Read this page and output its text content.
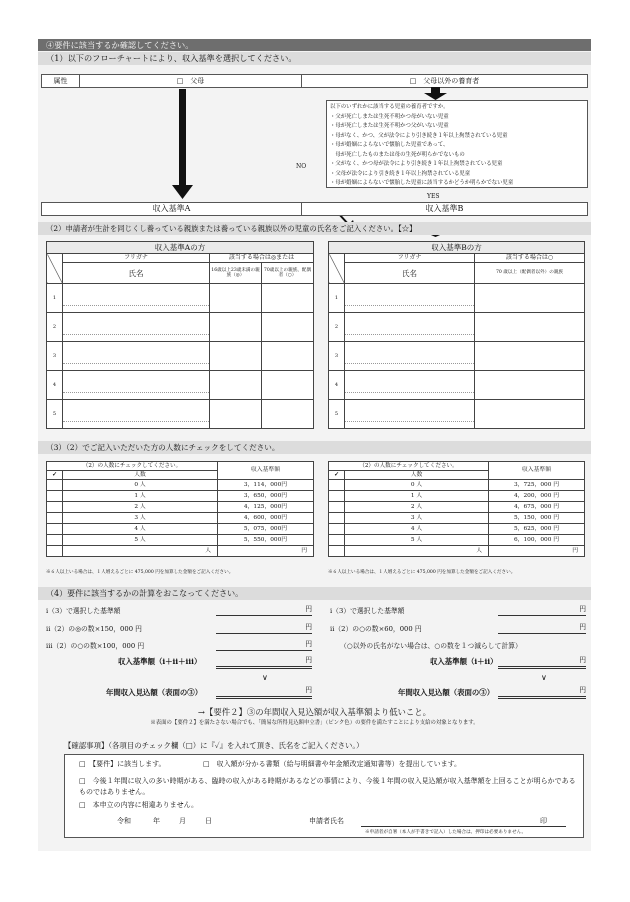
④要件に該当するか確認してください。
（1）以下のフローチャートにより、収入基準を選択してください。
属性	□　父母	□　父母以外の養育者
以下のいずれかに該当する児童の養育者ですか。
・父が死亡しまたは生死不明かつ母がいない児童
・母が死亡しまたは生死不明かつ父がいない児童
・母がなく、かつ、父が法令により引き続き１年以上拘禁されている児童
・母が婚姻によらないで懐胎した児童であって、
　母が死亡したものまたは母の生死が明らかでないもの
・父がなく、かつ母が法令により引き続き１年以上拘禁されている児童
・父母が法令により引き続き１年以上拘禁されている児童
・母が婚姻によらないで懐胎した児童に該当するかどうか明らかでない児童
NO
YES
収入基準A	収入基準B
（2）申請者が生計を同じくし養っている親族または養っている親族以外の児童の氏名をご記入ください。【☆】
収入基準Aの方			
	フリガナ	該当する場合は◎または	
	氏名	16歳以上23歳未満の親族（◎）	70歳以上の親族、配偶者（○）

1	

2	

3	

4	

5	

収入基準Bの方		
	フリガナ	該当する場合は○
	氏名	70 歳以上（配偶者以外）の親族

1	

2	

3	

4	

5	

（3）（2）でご記入いただいた方の人数にチェックをしてください。
（2）の人数にチェックしてください。		収入基準額
✓	人数	
	0 人	3，114，000円
	1 人	3，650，000円
	2 人	4，125，000円
	3 人	4，600，000円
	4 人	5，075，000円
	5 人	5，550，000円
	人	円
※６人以上いる場合は、１人増えるごとに 475,000 円を加算した金額をご記入ください。
（2）の人数にチェックしてください。		収入基準額
✓	人数	
	0 人	3，725，000 円
	1 人	4，200，000 円
	2 人	4，675，000 円
	3 人	5，150，000 円
	4 人	5，625，000 円
	5 人	6，100，000 円
	人	円
※６人以上いる場合は、１人増えるごとに 475,000 円を加算した金額をご記入ください。
（4）要件に該当するかの計算をおこなってください。
ⅰ（3）で選択した基準額	円
ⅱ（2）の◎の数×150，000 円	円
ⅲ（2）の○の数×100，000 円	円
収入基準額（ⅰ＋ⅱ＋ⅲ）	円
∨
年間収入見込額（表面の③）	円
ⅰ（3）で選択した基準額	円
ⅱ（2）の○の数×60，000 円	円
（○以外の氏名がない場合は、○の数を１つ減らして計算）
収入基準額（ⅰ＋ⅱ）	円
∨
年間収入見込額（表面の③）	円
→【要件２】③の年間収入見込額が収入基準額より低いこと。
※表面の【要件２】を満たさない場合でも、「簡易な所得見込額申立書」（ピンク色）の要件を満たすことにより支給の対象となります。
【確認事項】（各項目のチェック欄（□）に『✓』を入れて頂き、氏名をご記入ください。）
□　【要件】に該当します。	□　収入額が分かる書類（給与明細書や年金額改定通知書等）を提出しています。
□　今後１年間に収入の多い時期がある、臨時の収入がある時期があるなどの事情により、今後１年間の収入見込額が収入基準額を上回ることが明らかであるものではありません。
□　本申立の内容に相違ありません。
令和	年	月	日	申請者氏名	印
※申請者が自署（本人が手書きで記入）した場合は、押印は必要ありません。
